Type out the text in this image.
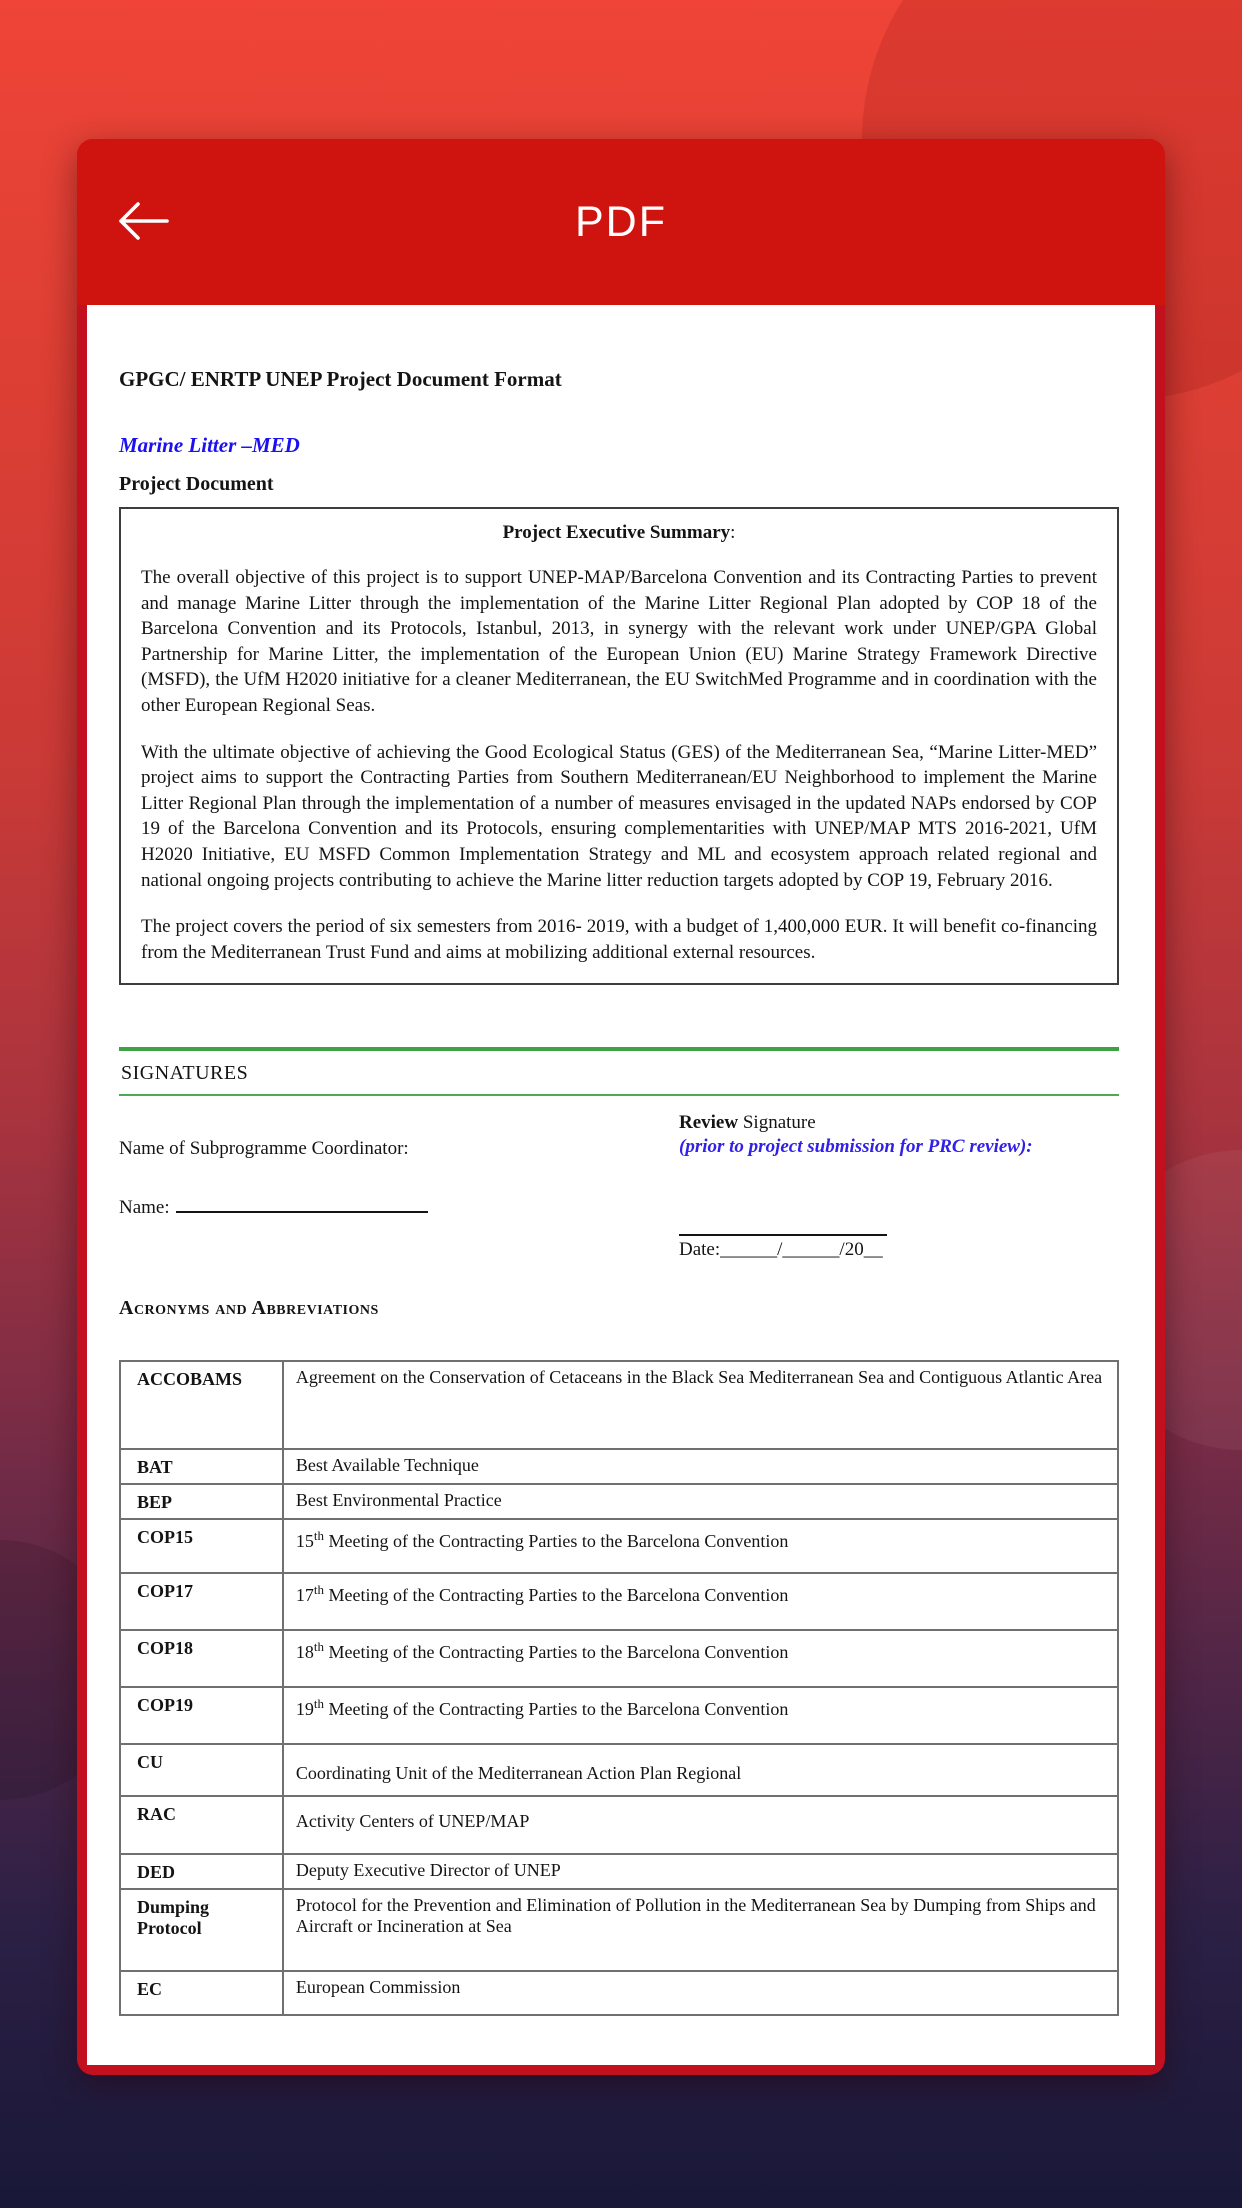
PDF
GPGC/ ENRTP UNEP Project Document Format
Marine Litter –MED
Project Document
Project Executive Summary:

The overall objective of this project is to support UNEP-MAP/Barcelona Convention and its Contracting Parties to prevent and manage Marine Litter through the implementation of the Marine Litter Regional Plan adopted by COP 18 of the Barcelona Convention and its Protocols, Istanbul, 2013, in synergy with the relevant work under UNEP/GPA Global Partnership for Marine Litter, the implementation of the European Union (EU) Marine Strategy Framework Directive (MSFD), the UfM H2020 initiative for a cleaner Mediterranean, the EU SwitchMed Programme and in coordination with the other European Regional Seas.

With the ultimate objective of achieving the Good Ecological Status (GES) of the Mediterranean Sea, “Marine Litter-MED” project aims to support the Contracting Parties from Southern Mediterranean/EU Neighborhood to implement the Marine Litter Regional Plan through the implementation of a number of measures envisaged in the updated NAPs endorsed by COP 19 of the Barcelona Convention and its Protocols, ensuring complementarities with UNEP/MAP MTS 2016-2021, UfM H2020 Initiative, EU MSFD Common Implementation Strategy and ML and ecosystem approach related regional and national ongoing projects contributing to achieve the Marine litter reduction targets adopted by COP 19, February 2016.

The project covers the period of six semesters from 2016- 2019, with a budget of 1,400,000 EUR. It will benefit co-financing from the Mediterranean Trust Fund and aims at mobilizing additional external resources.

SIGNATURES
Name of Subprogramme Coordinator:
Name:
Review Signature
(prior to project submission for PRC review):
Date:______/______/20__
Acronyms and Abbreviations
ACCOBAMS	Agreement on the Conservation of Cetaceans in the Black Sea Mediterranean Sea and Contiguous Atlantic Area
BAT	Best Available Technique
BEP	Best Environmental Practice
COP15	15th Meeting of the Contracting Parties to the Barcelona Convention
COP17	17th Meeting of the Contracting Parties to the Barcelona Convention
COP18	18th Meeting of the Contracting Parties to the Barcelona Convention
COP19	19th Meeting of the Contracting Parties to the Barcelona Convention
CU	Coordinating Unit of the Mediterranean Action Plan Regional
RAC	Activity Centers of UNEP/MAP
DED	Deputy Executive Director of UNEP
Dumping Protocol	Protocol for the Prevention and Elimination of Pollution in the Mediterranean Sea by Dumping from Ships and Aircraft or Incineration at Sea
EC	European Commission
